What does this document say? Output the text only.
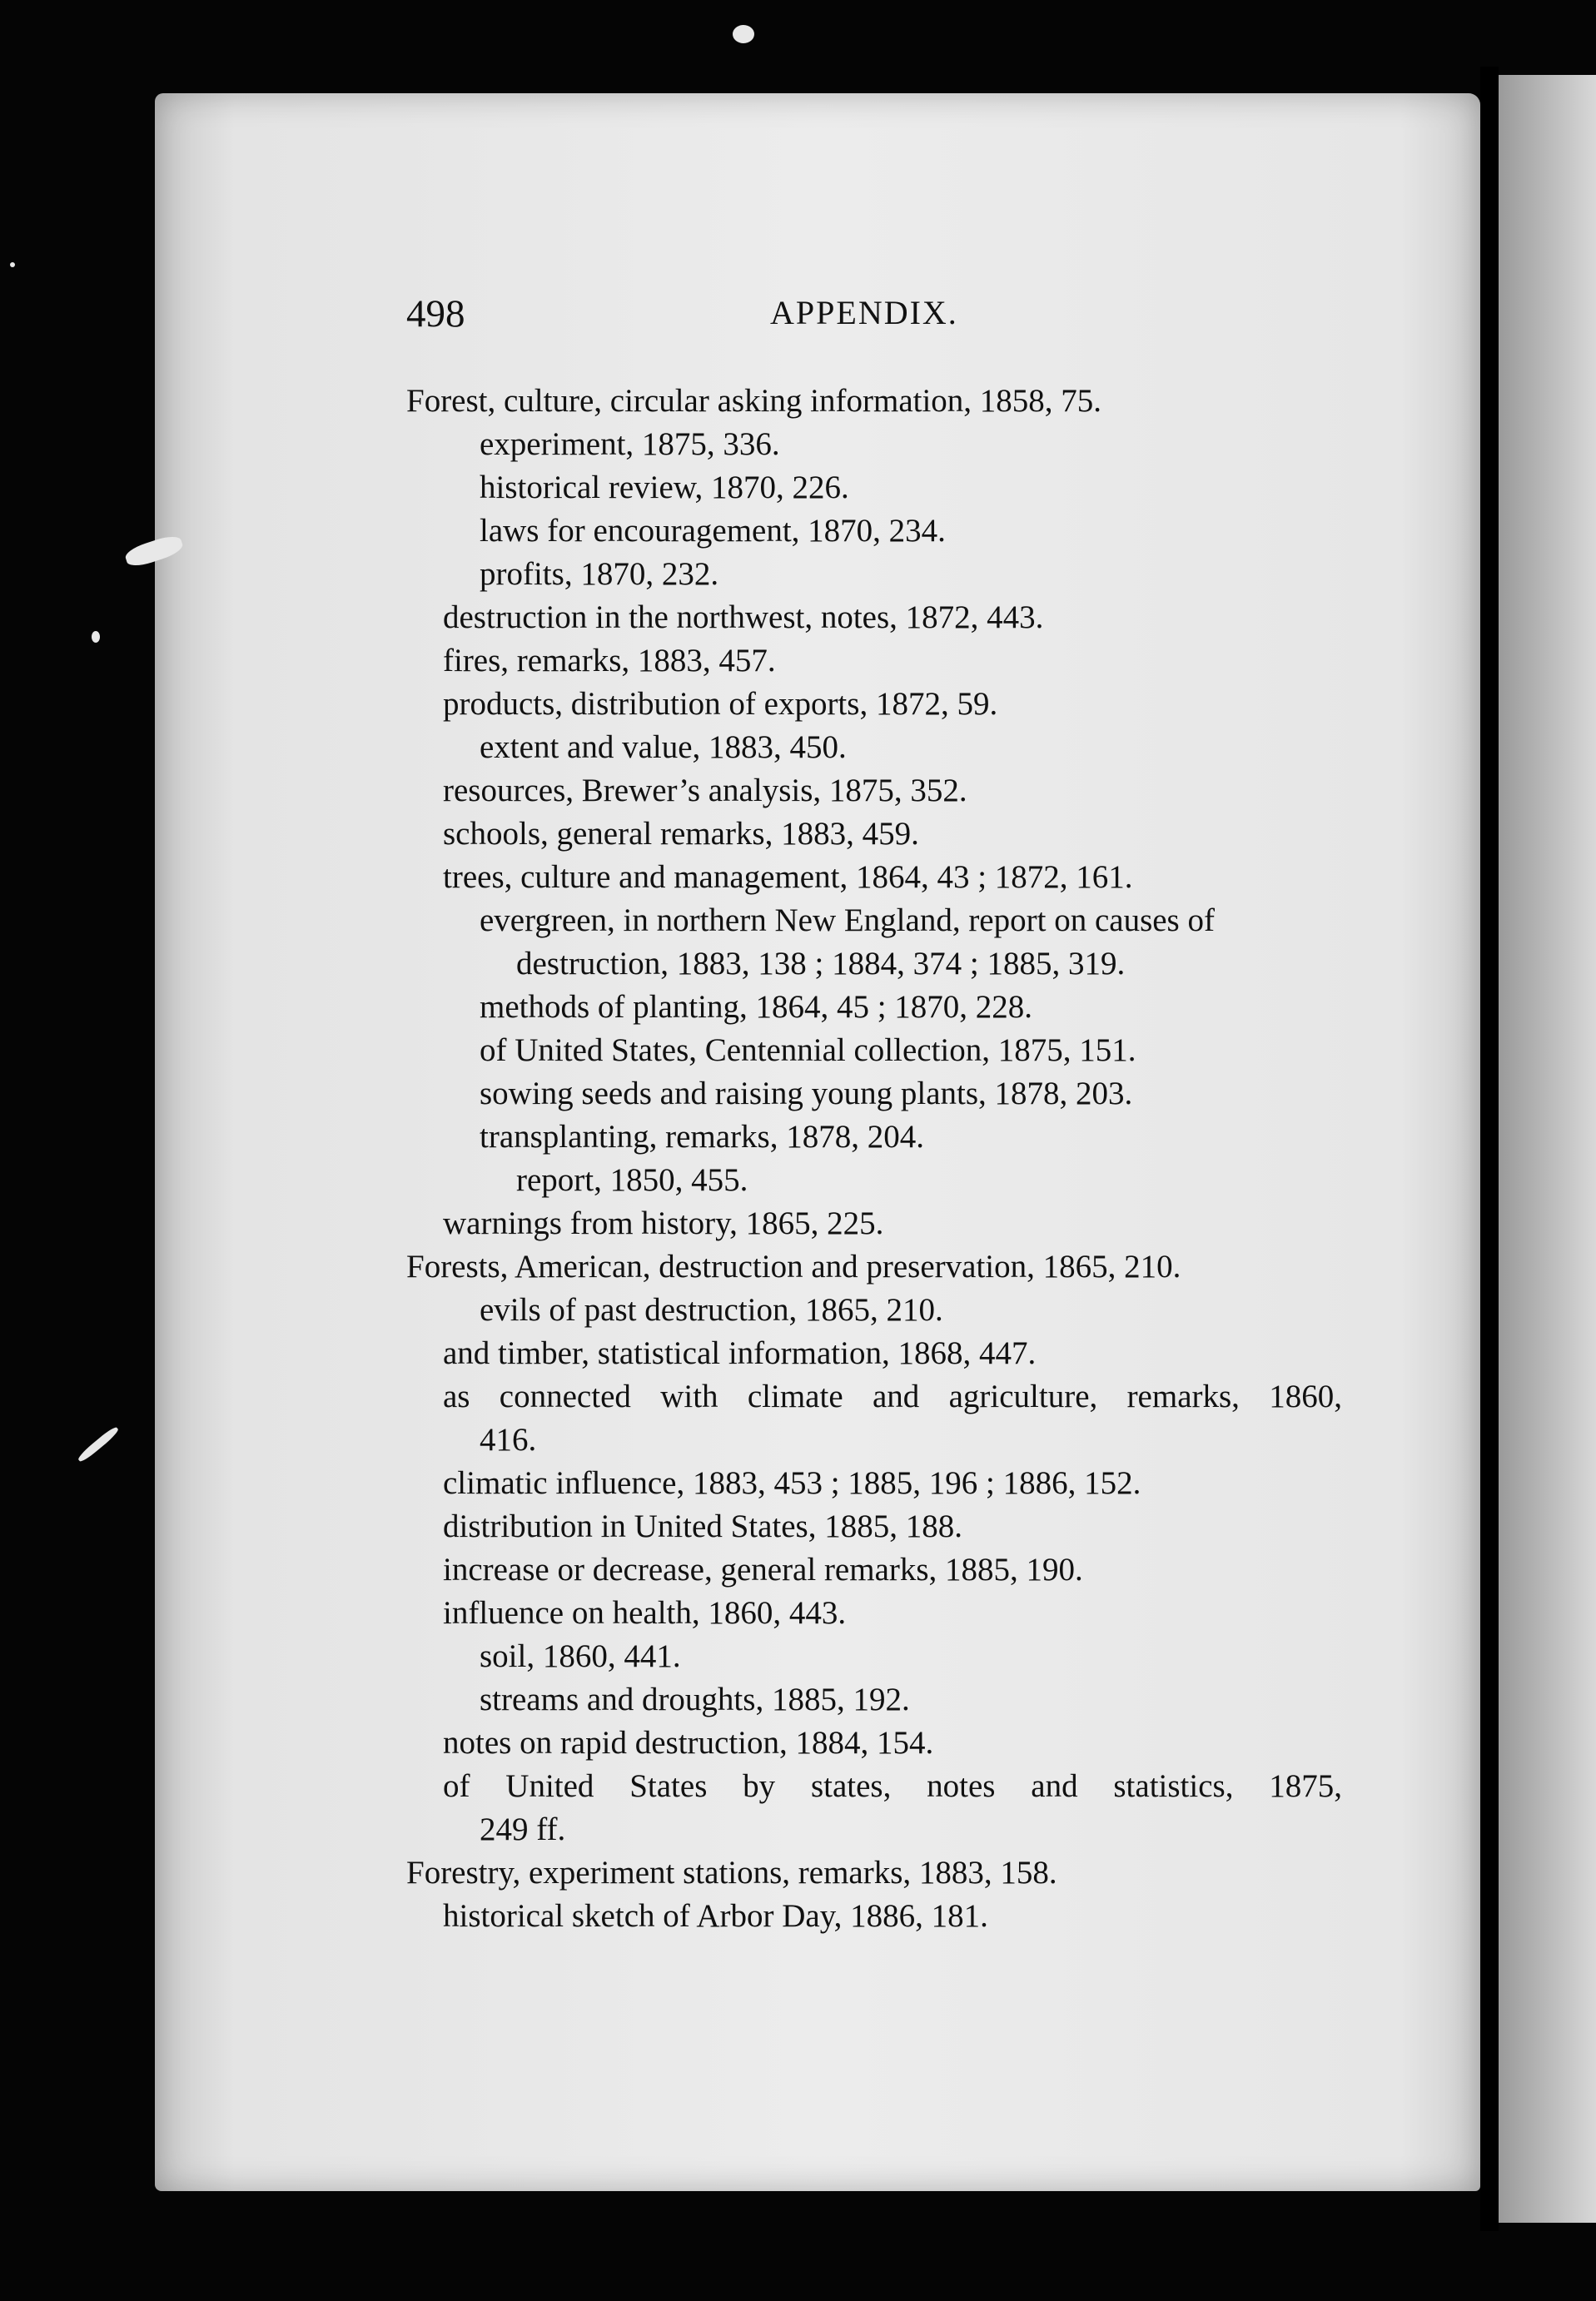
498	APPENDIX.
Forest, culture, circular asking information, 1858, 75.
experiment, 1875, 336.
historical review, 1870, 226.
laws for encouragement, 1870, 234.
profits, 1870, 232.
destruction in the northwest, notes, 1872, 443.
fires, remarks, 1883, 457.
products, distribution of exports, 1872, 59.
extent and value, 1883, 450.
resources, Brewer’s analysis, 1875, 352.
schools, general remarks, 1883, 459.
trees, culture and management, 1864, 43 ; 1872, 161.
evergreen, in northern New England, report on causes of
destruction, 1883, 138 ; 1884, 374 ; 1885, 319.
methods of planting, 1864, 45 ; 1870, 228.
of United States, Centennial collection, 1875, 151.
sowing seeds and raising young plants, 1878, 203.
transplanting, remarks, 1878, 204.
report, 1850, 455.
warnings from history, 1865, 225.
Forests, American, destruction and preservation, 1865, 210.
evils of past destruction, 1865, 210.
and timber, statistical information, 1868, 447.
as connected with climate and agriculture, remarks, 1860,
416.
climatic influence, 1883, 453 ; 1885, 196 ; 1886, 152.
distribution in United States, 1885, 188.
increase or decrease, general remarks, 1885, 190.
influence on health, 1860, 443.
soil, 1860, 441.
streams and droughts, 1885, 192.
notes on rapid destruction, 1884, 154.
of United States by states, notes and statistics, 1875,
249 ff.
Forestry, experiment stations, remarks, 1883, 158.
historical sketch of Arbor Day, 1886, 181.
